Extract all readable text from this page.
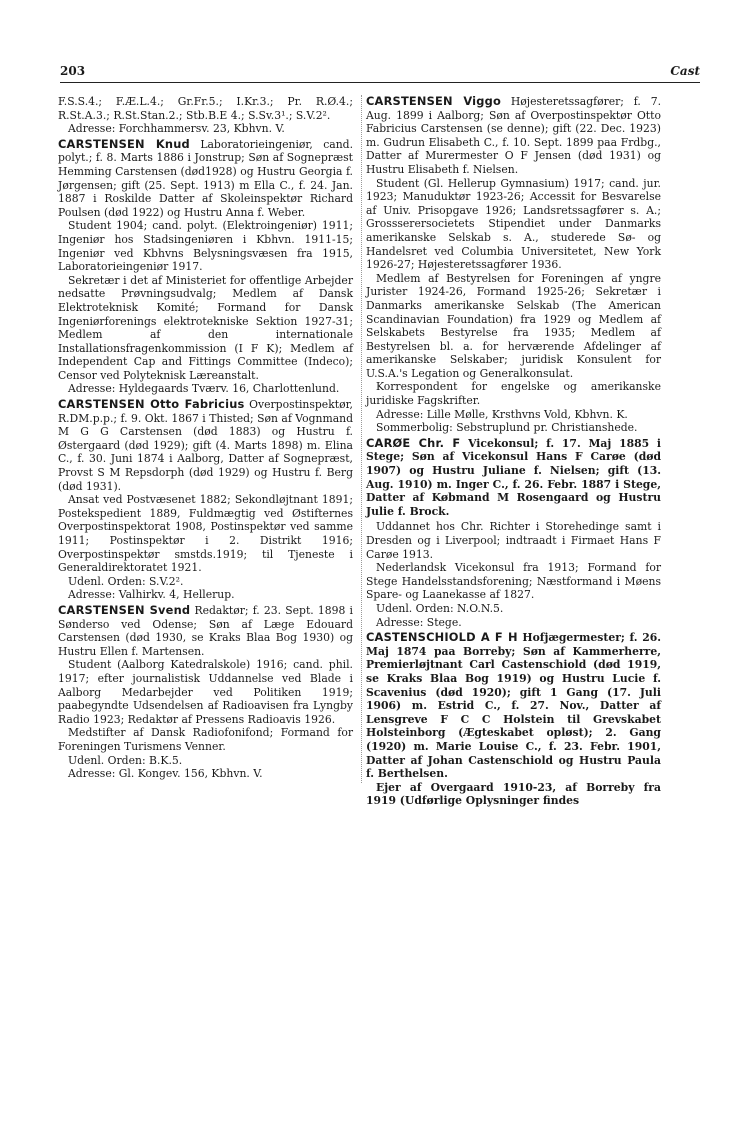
203	Cast

F.S.S.4.; F.Æ.L.4.; Gr.Fr.5.; I.Kr.3.; Pr. R.Ø.4.; R.St.A.3.; R.St.Stan.2.; Stb.B.E 4.; S.Sv.3¹.; S.V.2².

Adresse: Forchhammersv. 23, Kbhvn. V.

CARSTENSEN Knud Laboratorieingeniør, cand. polyt.; f. 8. Marts 1886 i Jonstrup; Søn af Sognepræst Hemming Carstensen (død1928) og Hustru Georgia f. Jørgensen; gift (25. Sept. 1913) m Ella C., f. 24. Jan. 1887 i Roskilde Datter af Skoleinspektør Richard Poulsen (død 1922) og Hustru Anna f. Weber.

Student 1904; cand. polyt. (Elektroingeniør) 1911; Ingeniør hos Stadsingeniøren i Kbhvn. 1911-15; Ingeniør ved Kbhvns Belysningsvæsen fra 1915, Laboratorieingeniør 1917.

Sekretær i det af Ministeriet for offentlige Arbejder nedsatte Prøvningsudvalg; Medlem af Dansk Elektroteknisk Komité; Formand for Dansk Ingeniørforenings elektrotekniske Sektion 1927-31; Medlem af den internationale Installationsfragenkommission (I F K); Medlem af Independent Cap and Fittings Committee (Indeco); Censor ved Polyteknisk Læreanstalt.

Adresse: Hyldegaards Tværv. 16, Charlottenlund.

CARSTENSEN Otto Fabricius Overpostinspektør, R.DM.p.p.; f. 9. Okt. 1867 i Thisted; Søn af Vognmand M G G Carstensen (død 1883) og Hustru f. Østergaard (død 1929); gift (4. Marts 1898) m. Elina C., f. 30. Juni 1874 i Aalborg, Datter af Sognepræst, Provst S M Repsdorph (død 1929) og Hustru f. Berg (død 1931).

Ansat ved Postvæsenet 1882; Sekondløjtnant 1891; Postekspedient 1889, Fuldmægtig ved Østifternes Overpostinspektorat 1908, Postinspektør ved samme 1911; Postinspektør i 2. Distrikt 1916; Overpostinspektør smstds.1919; til Tjeneste i Generaldirektoratet 1921.

Udenl. Orden: S.V.2².

Adresse: Valhirkv. 4, Hellerup.

CARSTENSEN Svend Redaktør; f. 23. Sept. 1898 i Sønderso ved Odense; Søn af Læge Edouard Carstensen (død 1930, se Kraks Blaa Bog 1930) og Hustru Ellen f. Martensen.

Student (Aalborg Katedralskole) 1916; cand. phil. 1917; efter journalistisk Uddannelse ved Blade i Aalborg Medarbejder ved Politiken 1919; paabegyndte Udsendelsen af Radioavisen fra Lyngby Radio 1923; Redaktør af Pressens Radioavis 1926.

Medstifter af Dansk Radiofonifond; Formand for Foreningen Turismens Venner.

Udenl. Orden: B.K.5.

Adresse: Gl. Kongev. 156, Kbhvn. V.

CARSTENSEN Viggo Højesteretssagfører; f. 7. Aug. 1899 i Aalborg; Søn af Overpostinspektør Otto Fabricius Carstensen (se denne); gift (22. Dec. 1923) m. Gudrun Elisabeth C., f. 10. Sept. 1899 paa Frdbg., Datter af Murermester O F Jensen (død 1931) og Hustru Elisabeth f. Nielsen.

Student (Gl. Hellerup Gymnasium) 1917; cand. jur. 1923; Manuduktør 1923-26; Accessit for Besvarelse af Univ. Prisopgave 1926; Landsretssagfører s. A.; Grossserersocietets Stipendiet under Danmarks amerikanske Selskab s. A., studerede Sø- og Handelsret ved Columbia Universitetet, New York 1926-27; Højesteretssagfører 1936.

Medlem af Bestyrelsen for Foreningen af yngre Jurister 1924-26, Formand 1925-26; Sekretær i Danmarks amerikanske Selskab (The American Scandinavian Foundation) fra 1929 og Medlem af Selskabets Bestyrelse fra 1935; Medlem af Bestyrelsen bl. a. for herværende Afdelinger af amerikanske Selskaber; juridisk Konsulent for U.S.A.'s Legation og Generalkonsulat.

Korrespondent for engelske og amerikanske juridiske Fagskrifter.

Adresse: Lille Mølle, Krsthvns Vold, Kbhvn. K.

Sommerbolig: Sebstruplund pr. Christianshede.

CARØE Chr. F Vicekonsul; f. 17. Maj 1885 i Stege; Søn af Vicekonsul Hans F Carøe (død 1907) og Hustru Juliane f. Nielsen; gift (13. Aug. 1910) m. Inger C., f. 26. Febr. 1887 i Stege, Datter af Købmand M Rosengaard og Hustru Julie f. Brock.

Uddannet hos Chr. Richter i Storehedinge samt i Dresden og i Liverpool; indtraadt i Firmaet Hans F Carøe 1913.

Nederlandsk Vicekonsul fra 1913; Formand for Stege Handelsstandsforening; Næstformand i Møens Spare- og Laanekasse af 1827.

Udenl. Orden: N.O.N.5.

Adresse: Stege.

CASTENSCHIOLD A F H Hofjægermester; f. 26. Maj 1874 paa Borreby; Søn af Kammerherre, Premierløjtnant Carl Castenschiold (død 1919, se Kraks Blaa Bog 1919) og Hustru Lucie f. Scavenius (død 1920); gift 1 Gang (17. Juli 1906) m. Estrid C., f. 27. Nov., Datter af Lensgreve F C C Holstein til Grevskabet Holsteinborg (Ægteskabet opløst); 2. Gang (1920) m. Marie Louise C., f. 23. Febr. 1901, Datter af Johan Castenschiold og Hustru Paula f. Berthelsen.

Ejer af Overgaard 1910-23, af Borreby fra 1919 (Udførlige Oplysninger findes
